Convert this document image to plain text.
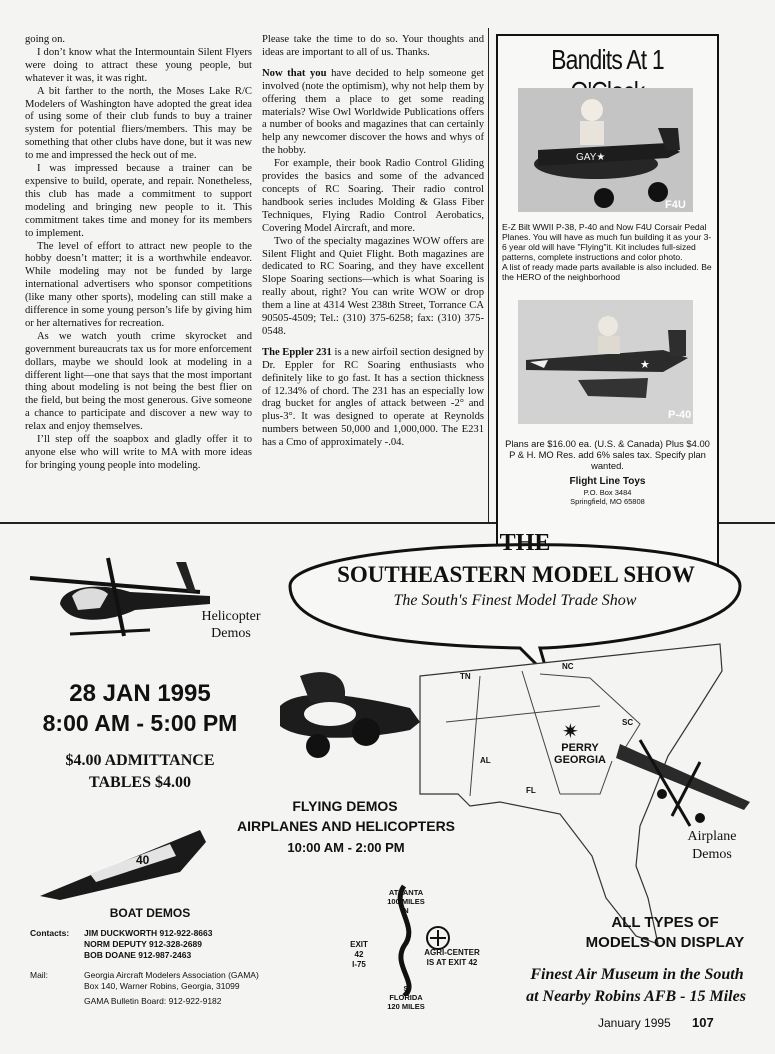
going on.

I don’t know what the Intermountain Silent Flyers were doing to attract these young people, but whatever it was, it was right.

A bit farther to the north, the Moses Lake R/C Modelers of Washington have adopted the great idea of using some of their club funds to buy a trainer system for potential fliers/members. This may be something that other clubs have done, but it was new to me and impressed the heck out of me.

I was impressed because a trainer can be expensive to build, operate, and repair. Nonetheless, this club has made a commitment to support modeling and bringing new people to it. This commitment takes time and money for its members to implement.

The level of effort to attract new people to the hobby doesn’t matter; it is a worthwhile endeavor. While modeling may not be funded by large international advertisers who sponsor competitions (like many other sports), modeling can still make a difference in some young person’s life by giving him or her alternatives for recreation.

As we watch youth crime skyrocket and government bureaucrats tax us for more enforcement dollars, maybe we should look at modeling in a different light—one that says that the most important thing about modeling is not being the best flier on the field, but being the most generous. Give someone a chance to participate and discover a new way to relax and enjoy themselves.

I’ll step off the soapbox and gladly offer it to anyone else who will write to MA with more ideas for bringing young people into modeling.

Please take the time to do so. Your thoughts and ideas are important to all of us. Thanks.

Now that you have decided to help someone get involved (note the optimism), why not help them by offering them a place to get some reading materials? Wise Owl Worldwide Publications offers a number of books and magazines that can certainly help any newcomer discover the hows and whys of the hobby.

For example, their book Radio Control Gliding provides the basics and some of the advanced concepts of RC Soaring. Their radio control handbook series includes Molding & Glass Fiber Techniques, Flying Radio Control Aerobatics, Covering Model Aircraft, and more.

Two of the specialty magazines WOW offers are Silent Flight and Quiet Flight. Both magazines are dedicated to RC Soaring, and they have excellent Slope Soaring sections—which is what Soaring is really about, right? You can write WOW or drop them a line at 4314 West 238th Street, Torrance CA 90505-4509; Tel.: (310) 375-6258; fax: (310) 375-0548.

The Eppler 231 is a new airfoil section designed by Dr. Eppler for RC Soaring enthusiasts who definitely like to go fast. It has a section thickness of 12.34% of chord. The 231 has an especially low drag bucket for angles of attack between -2° and plus-3°. It was designed to operate at Reynolds numbers between 50,000 and 1,000,000. The E231 has a Cmo of approximately -.04.

Bandits At 1
GAY★
F4U
E-Z Bilt WWII P-38, P-40 and Now F4U Corsair Pedal Planes. You will have as much fun building it as your 3-6 year old will have "Flying"it. Kit includes full-sized patterns, complete instructions and color photo.
A list of ready made parts available is also included. Be the HERO of the neighborhood
★
P-40
Plans are $16.00 ea. (U.S. & Canada) Plus $4.00 P & H. MO Res. add 6% sales tax. Specify plan wanted.
Flight Line Toys
P.O. Box 3484
Springfield, MO 65808
✷
40
THE
SOUTHEASTERN MODEL SHOW
The South's Finest Model Trade Show
Helicopter Demos
28 JAN 1995
8:00 AM - 5:00 PM
$4.00 ADMITTANCE
TABLES $4.00
FLYING DEMOS
AIRPLANES AND HELICOPTERS
10:00 AM - 2:00 PM
TN
NC
SC
AL
FL
PERRY
GEORGIA
Airplane Demos
BOAT DEMOS
Contacts: JIM DUCKWORTH 912-922-8663
NORM DEPUTY 912-328-2689
BOB DOANE 912-987-2463
Mail:	Georgia Aircraft Modelers Association (GAMA)
Box 140, Warner Robins, Georgia, 31099
GAMA Bulletin Board: 912-922-9182
ATLANTA
100 MILES
N
EXIT
42
I-75
AGRI-CENTER
IS AT EXIT 42
S
FLORIDA
120 MILES
ALL TYPES OF
MODELS ON DISPLAY
Finest Air Museum in the South
at Nearby Robins AFB - 15 Miles
January 1995 107
